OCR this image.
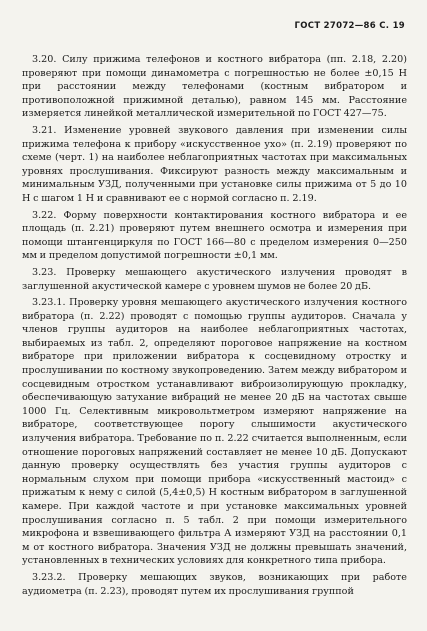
ГОСТ 27072—86 С. 19

3.20. Силу прижима телефонов и костного вибратора (пп. 2.18, 2.20) проверяют при помощи динамометра с погрешностью не более ±0,15 Н при расстоянии между телефонами (костным вибратором и противоположной прижимной деталью), равном 145 мм. Расстояние измеряется линейкой металлической измерительной по ГОСТ 427—75.

3.21. Изменение уровней звукового давления при изменении силы прижима телефона к прибору «искусственное ухо» (п. 2.19) проверяют по схеме (черт. 1) на наиболее неблагоприятных частотах при максимальных уровнях прослушивания. Фиксируют разность между максимальным и минимальным УЗД, полученными при установке силы прижима от 5 до 10 Н с шагом 1 Н и сравнивают ее с нормой согласно п. 2.19.

3.22. Форму поверхности контактирования костного вибратора и ее площадь (п. 2.21) проверяют путем внешнего осмотра и измерения при помощи штангенциркуля по ГОСТ 166—80 с пределом измерения 0—250 мм и пределом допустимой погрешности ±0,1 мм.

3.23. Проверку мешающего акустического излучения проводят в заглушенной акустической камере с уровнем шумов не более 20 дБ.

3.23.1. Проверку уровня мешающего акустического излучения костного вибратора (п. 2.22) проводят с помощью группы аудиторов. Сначала у членов группы аудиторов на наиболее неблагоприятных частотах, выбираемых из табл. 2, определяют пороговое напряжение на костном вибраторе при приложении вибратора к сосцевидному отростку и прослушивании по костному звукопроведению. Затем между вибратором и сосцевидным отростком устанавливают виброизолирующую прокладку, обеспечивающую затухание вибраций не менее 20 дБ на частотах свыше 1000 Гц. Селективным микровольтметром измеряют напряжение на вибраторе, соответствующее порогу слышимости акустического излучения вибратора. Требование по п. 2.22 считается выполненным, если отношение пороговых напряжений составляет не менее 10 дБ. Допускают данную проверку осуществлять без участия группы аудиторов с нормальным слухом при помощи прибора «искусственный мастоид» с прижатым к нему с силой (5,4±0,5) Н костным вибратором в заглушенной камере. При каждой частоте и при установке максимальных уровней прослушивания согласно п. 5 табл. 2 при помощи измерительного микрофона и взвешивающего фильтра А измеряют УЗД на расстоянии 0,1 м от костного вибратора. Значения УЗД не должны превышать значений, установленных в технических условиях для конкретного типа прибора.

3.23.2. Проверку мешающих звуков, возникающих при работе аудиометра (п. 2.23), проводят путем их прослушивания группой
